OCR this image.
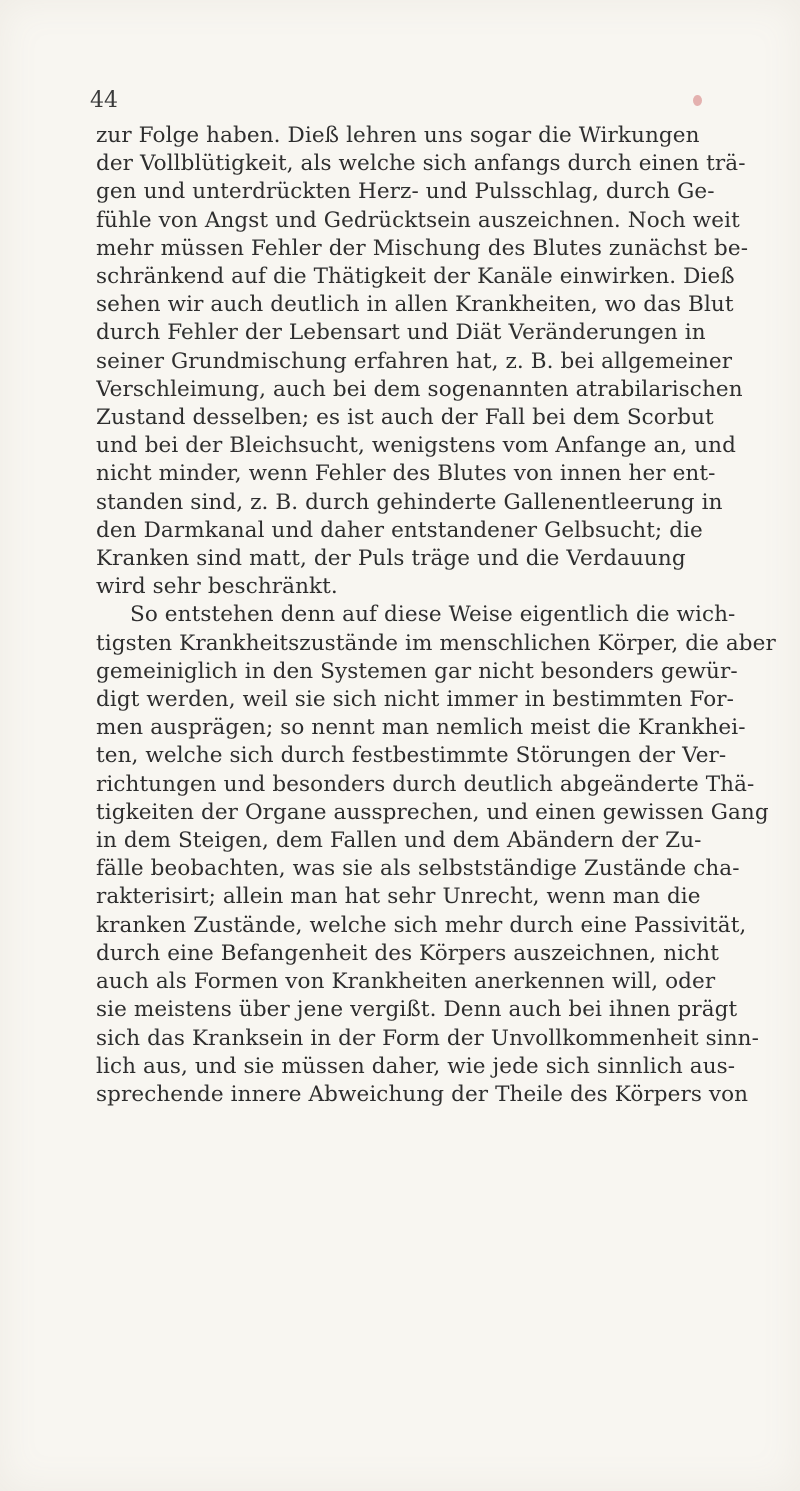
44
zur Folge haben. Dieß lehren uns sogar die Wirkungen
der Vollblütigkeit, als welche sich anfangs durch einen trä-
gen und unterdrückten Herz- und Pulsschlag, durch Ge-
fühle von Angst und Gedrücktsein auszeichnen. Noch weit
mehr müssen Fehler der Mischung des Blutes zunächst be-
schränkend auf die Thätigkeit der Kanäle einwirken. Dieß
sehen wir auch deutlich in allen Krankheiten, wo das Blut
durch Fehler der Lebensart und Diät Veränderungen in
seiner Grundmischung erfahren hat, z. B. bei allgemeiner
Verschleimung, auch bei dem sogenannten atrabilarischen
Zustand desselben; es ist auch der Fall bei dem Scorbut
und bei der Bleichsucht, wenigstens vom Anfange an, und
nicht minder, wenn Fehler des Blutes von innen her ent-
standen sind, z. B. durch gehinderte Gallenentleerung in
den Darmkanal und daher entstandener Gelbsucht; die
Kranken sind matt, der Puls träge und die Verdauung
wird sehr beschränkt.
So entstehen denn auf diese Weise eigentlich die wich-
tigsten Krankheitszustände im menschlichen Körper, die aber
gemeiniglich in den Systemen gar nicht besonders gewür-
digt werden, weil sie sich nicht immer in bestimmten For-
men ausprägen; so nennt man nemlich meist die Krankhei-
ten, welche sich durch festbestimmte Störungen der Ver-
richtungen und besonders durch deutlich abgeänderte Thä-
tigkeiten der Organe aussprechen, und einen gewissen Gang
in dem Steigen, dem Fallen und dem Abändern der Zu-
fälle beobachten, was sie als selbstständige Zustände cha-
rakterisirt; allein man hat sehr Unrecht, wenn man die
kranken Zustände, welche sich mehr durch eine Passivität,
durch eine Befangenheit des Körpers auszeichnen, nicht
auch als Formen von Krankheiten anerkennen will, oder
sie meistens über jene vergißt. Denn auch bei ihnen prägt
sich das Kranksein in der Form der Unvollkommenheit sinn-
lich aus, und sie müssen daher, wie jede sich sinnlich aus-
sprechende innere Abweichung der Theile des Körpers von
